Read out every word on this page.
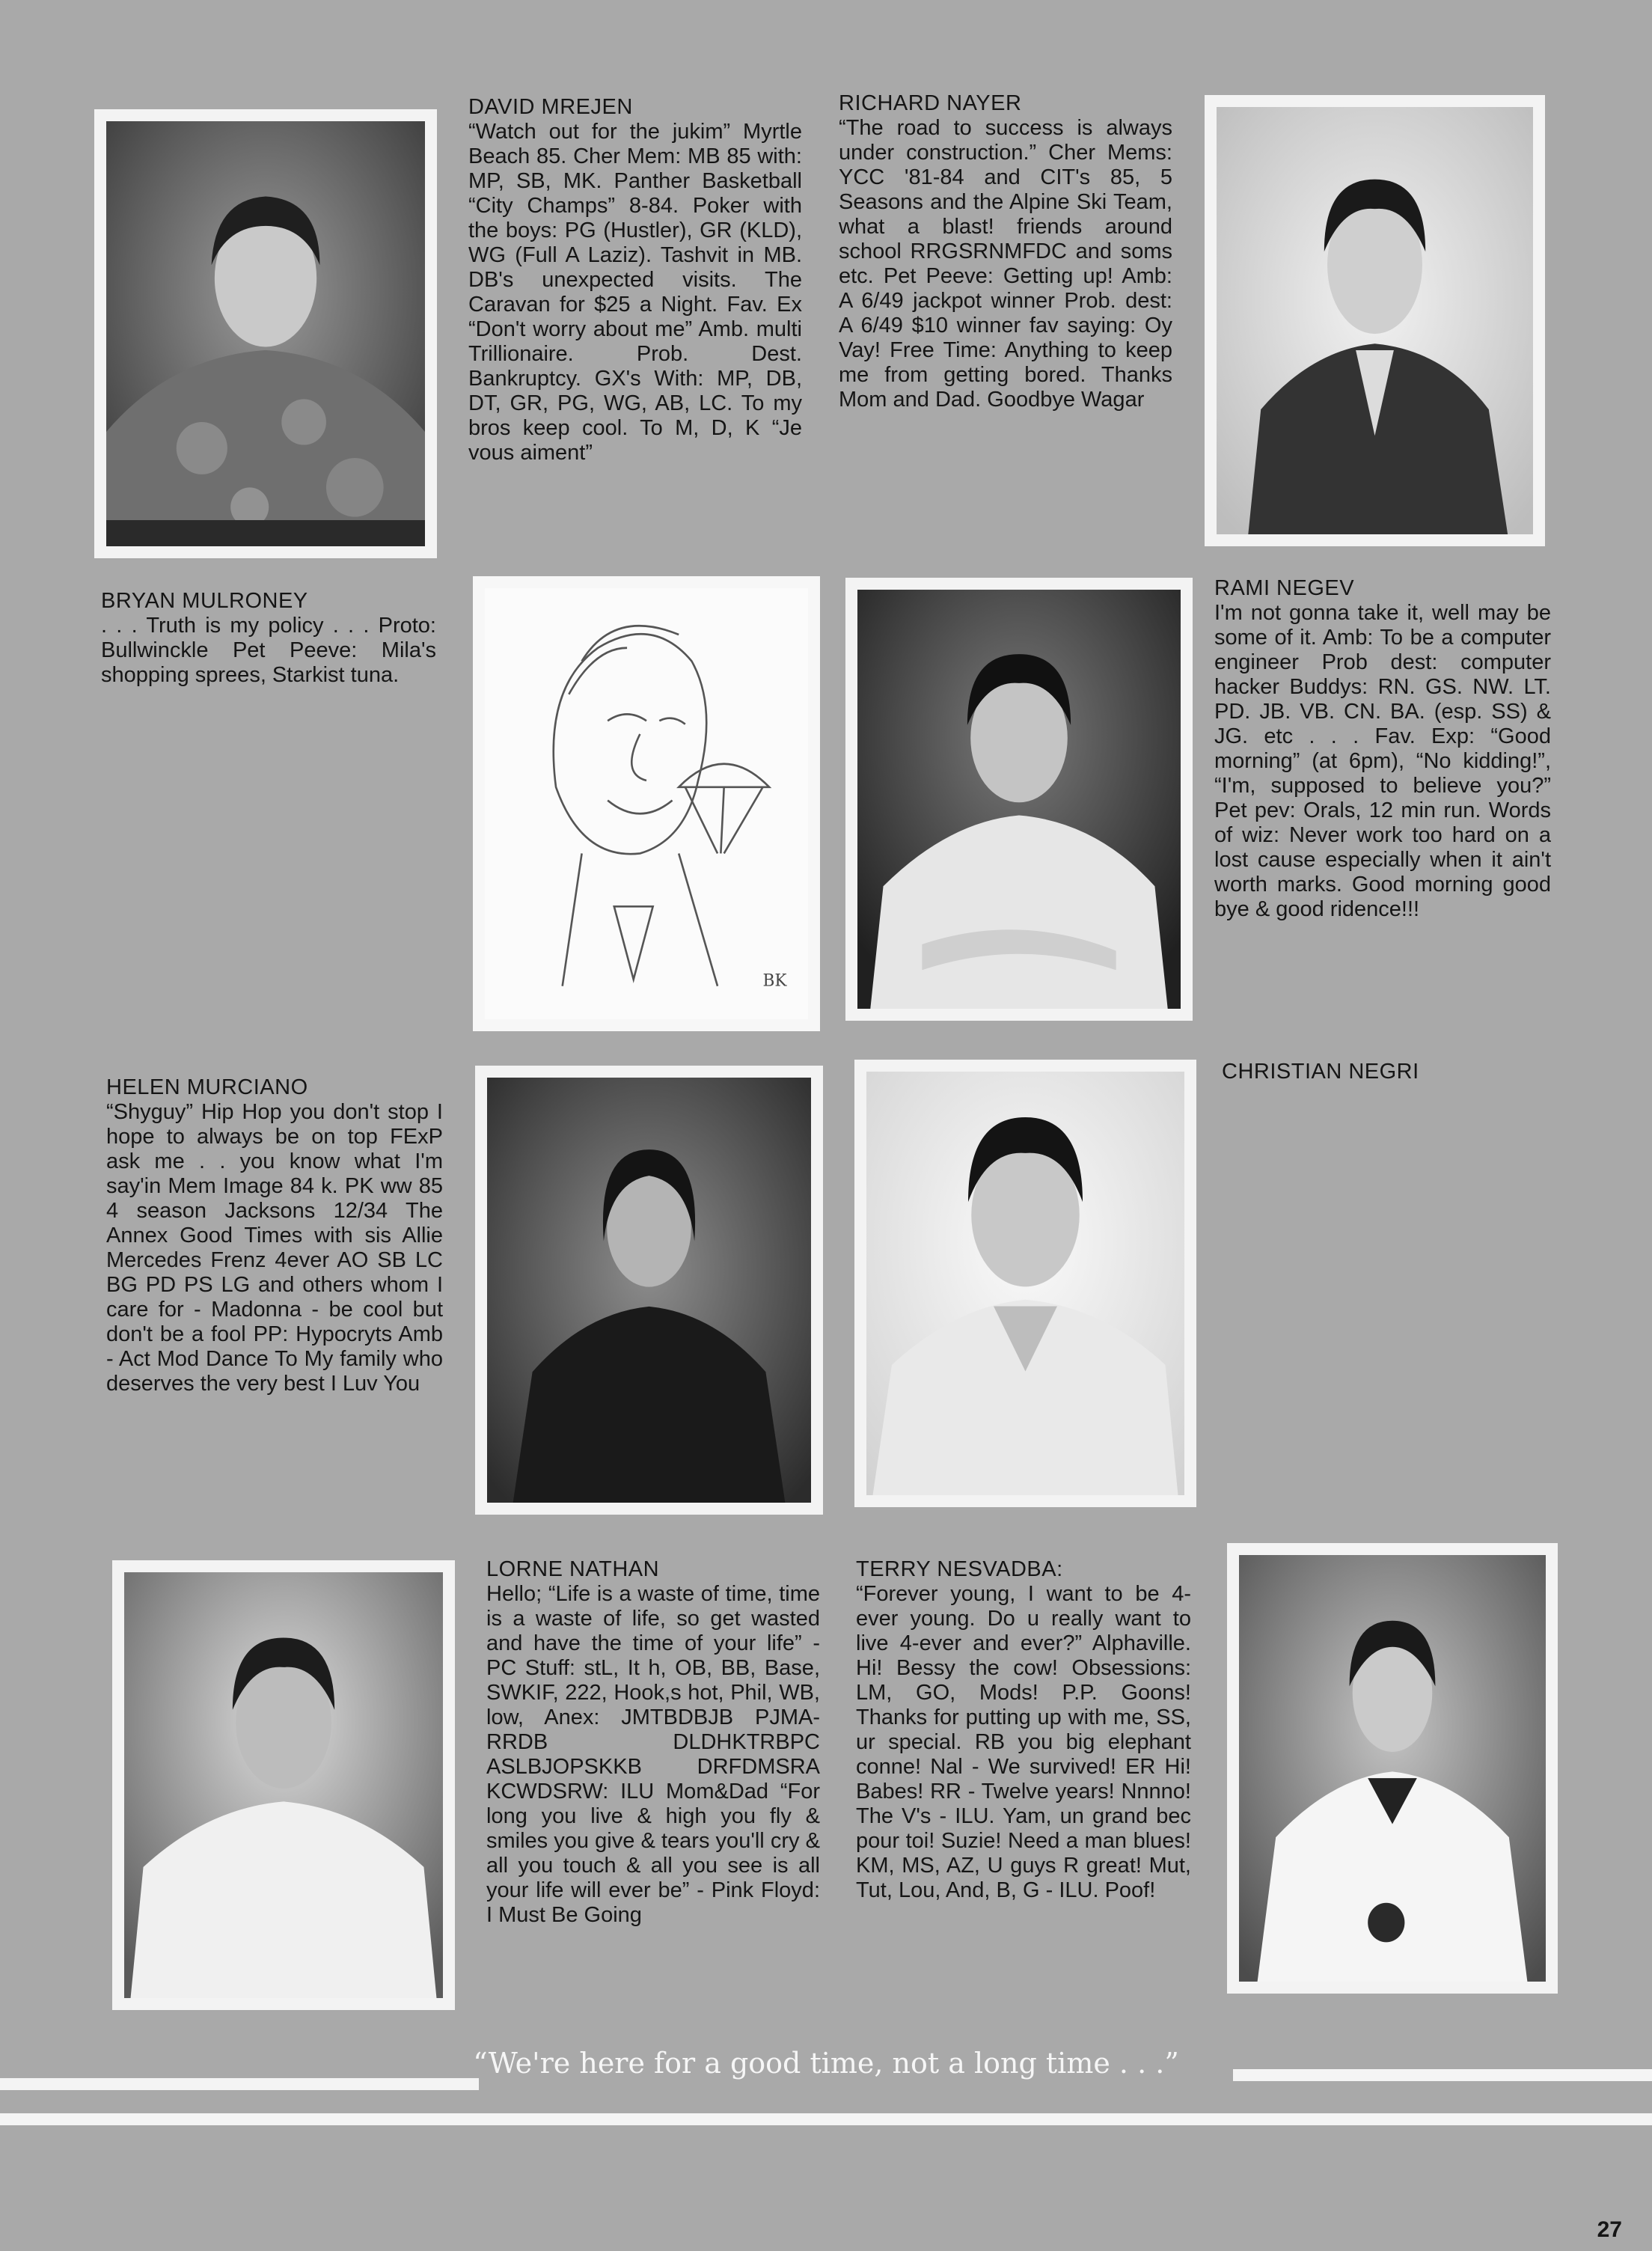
DAVID MREJEN
“Watch out for the jukim” Myrtle Beach 85. Cher Mem: MB 85 with: MP, SB, MK. Panther Basketball “City Champs” 8-84. Poker with the boys: PG (Hustler), GR (KLD), WG (Full A Laziz). Tashvit in MB. DB's unexpected visits. The Caravan for $25 a Night. Fav. Ex “Don't worry about me” Amb. multi Trillionaire. Prob. Dest. Bankruptcy. GX's With: MP, DB, DT, GR, PG, WG, AB, LC. To my bros keep cool. To M, D, K “Je vous aiment”
RICHARD NAYER
“The road to success is always under construction.” Cher Mems: YCC '81-84 and CIT's 85, 5 Seasons and the Alpine Ski Team, what a blast! friends around school RRGSRNMFDC and soms etc. Pet Peeve: Getting up! Amb: A 6/49 jackpot winner Prob. dest: A 6/49 $10 winner fav saying: Oy Vay! Free Time: Anything to keep me from getting bored. Thanks Mom and Dad. Goodbye Wagar
BRYAN MULRONEY
. . . Truth is my policy . . . Proto: Bullwinckle Pet Peeve: Mila's shopping sprees, Starkist tuna.
BK
RAMI NEGEV
I'm not gonna take it, well may be some of it. Amb: To be a computer engineer Prob dest: computer hacker Buddys: RN. GS. NW. LT. PD. JB. VB. CN. BA. (esp. SS) & JG. etc . . . Fav. Exp: “Good morning” (at 6pm), “No kidding!”, “I'm, supposed to believe you?” Pet pev: Orals, 12 min run. Words of wiz: Never work too hard on a lost cause especially when it ain't worth marks. Good morning good bye & good ridence!!!
HELEN MURCIANO
“Shyguy” Hip Hop you don't stop I hope to always be on top FExP ask me . . you know what I'm say'in Mem Image 84 k. PK ww 85 4 season Jacksons 12/34 The Annex Good Times with sis Allie Mercedes Frenz 4ever AO SB LC BG PD PS LG and others whom I care for - Madonna - be cool but don't be a fool PP: Hypocryts Amb - Act Mod Dance To My family who deserves the very best I Luv You
CHRISTIAN NEGRI
LORNE NATHAN
Hello; “Life is a waste of time, time is a waste of life, so get wasted and have the time of your life” - PC Stuff: stL, It h, OB, BB, Base, SWKIF, 222, Hook,s hot, Phil, WB, low, Anex: JMTBDBJB PJMA-RRDB DLDHKTRBPC ASLBJOPSKKB DRFDMSRA KCWDSRW: ILU Mom&Dad “For long you live & high you fly & smiles you give & tears you'll cry & all you touch & all you see is all your life will ever be” - Pink Floyd: I Must Be Going
TERRY NESVADBA:
“Forever young, I want to be 4-ever young. Do u really want to live 4-ever and ever?” Alphaville. Hi! Bessy the cow! Obsessions: LM, GO, Mods! P.P. Goons! Thanks for putting up with me, SS, ur special. RB you big elephant conne! Nal - We survived! ER Hi! Babes! RR - Twelve years! Nnnno! The V's - ILU. Yam, un grand bec pour toi! Suzie! Need a man blues! KM, MS, AZ, U guys R great! Mut, Tut, Lou, And, B, G - ILU. Poof!
“We're here for a good time, not a long time . . .”
27
